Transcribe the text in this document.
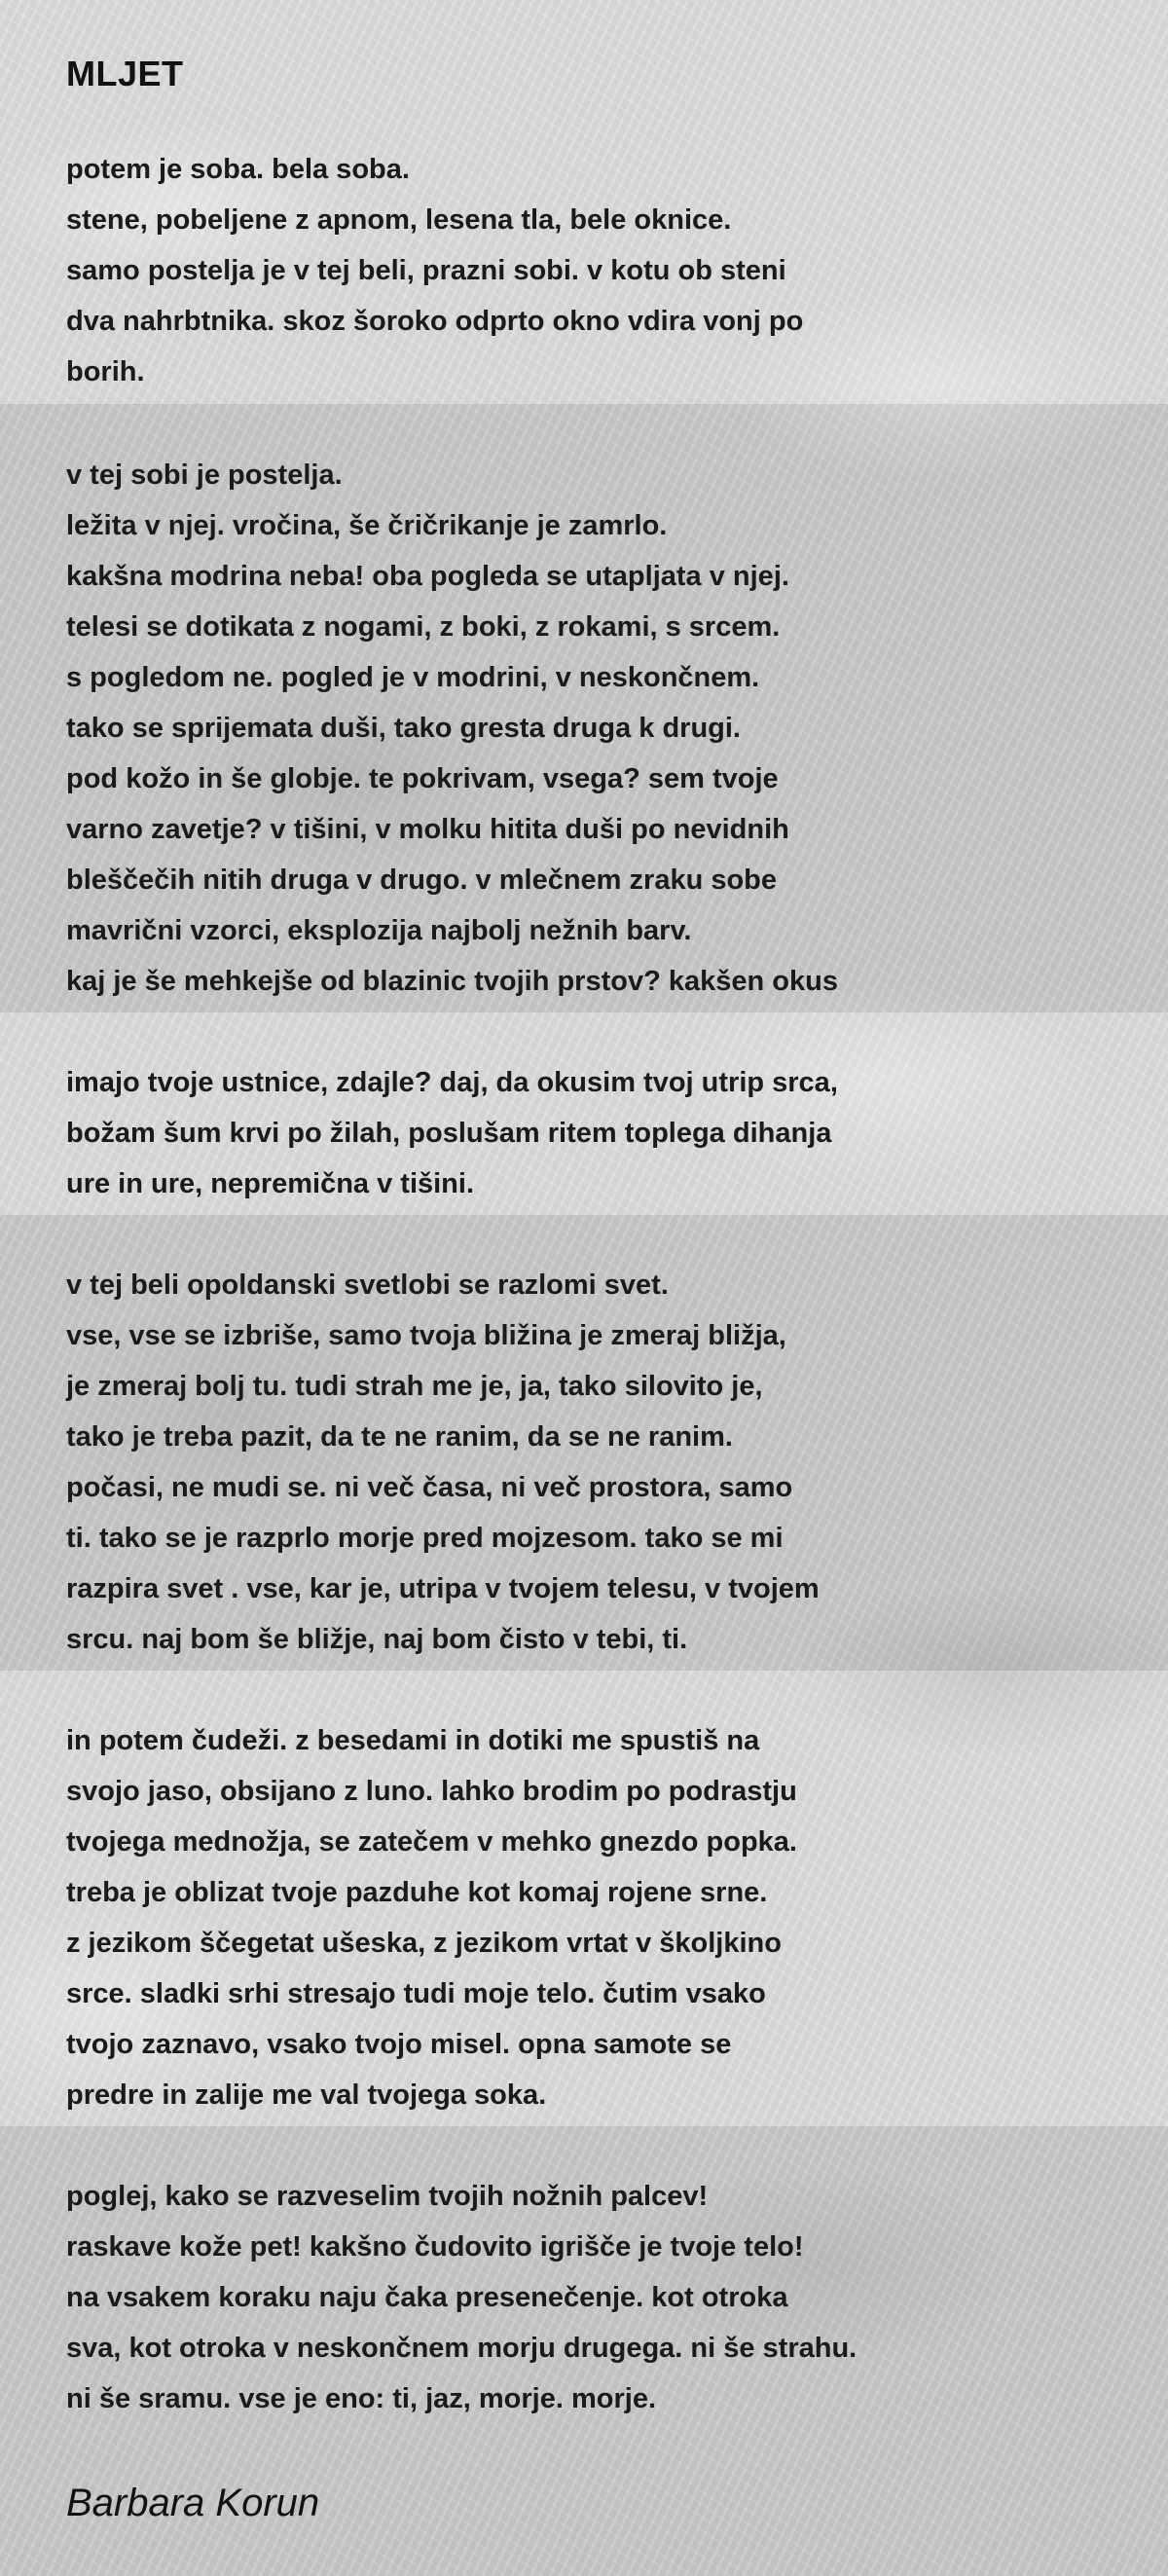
MLJET
potem je soba. bela soba.
stene, pobeljene z apnom, lesena tla, bele oknice.
samo postelja je v tej beli, prazni sobi. v kotu ob steni
dva nahrbtnika. skoz šoroko odprto okno vdira vonj po
borih.
v tej sobi je postelja.
ležita v njej. vročina, še čričrikanje je zamrlo.
kakšna modrina neba! oba pogleda se utapljata v njej.
telesi se dotikata z nogami, z boki, z rokami, s srcem.
s pogledom ne. pogled je v modrini, v neskončnem.
tako se sprijemata duši, tako gresta druga k drugi.
pod kožo in še globje. te pokrivam, vsega? sem tvoje
varno zavetje? v tišini, v molku hitita duši po nevidnih
bleščečih nitih druga v drugo. v mlečnem zraku sobe
mavrični vzorci, eksplozija najbolj nežnih barv.
kaj je še mehkejše od blazinic tvojih prstov? kakšen okus
imajo tvoje ustnice, zdajle? daj, da okusim tvoj utrip srca,
božam šum krvi po žilah, poslušam ritem toplega dihanja
ure in ure, nepremična v tišini.
v tej beli opoldanski svetlobi se razlomi svet.
vse, vse se izbriše, samo tvoja bližina je zmeraj bližja,
je zmeraj bolj tu. tudi strah me je, ja, tako silovito je,
tako je treba pazit, da te ne ranim, da se ne ranim.
počasi, ne mudi se. ni več časa, ni več prostora, samo
ti. tako se je razprlo morje pred mojzesom. tako se mi
razpira svet . vse, kar je, utripa v tvojem telesu, v tvojem
srcu. naj bom še bližje, naj bom čisto v tebi, ti.
in potem čudeži. z besedami in dotiki me spustiš na
svojo jaso, obsijano z luno. lahko brodim po podrastju
tvojega mednožja, se zatečem v mehko gnezdo popka.
treba je oblizat tvoje pazduhe kot komaj rojene srne.
z jezikom ščegetat ušeska, z jezikom vrtat v školjkino
srce. sladki srhi stresajo tudi moje telo. čutim vsako
tvojo zaznavo, vsako tvojo misel. opna samote se
predre in zalije me val tvojega soka.
poglej, kako se razveselim tvojih nožnih palcev!
raskave kože pet! kakšno čudovito igrišče je tvoje telo!
na vsakem koraku naju čaka presenečenje. kot otroka
sva, kot otroka v neskončnem morju drugega. ni še strahu.
ni še sramu. vse je eno: ti, jaz, morje. morje.
Barbara Korun
